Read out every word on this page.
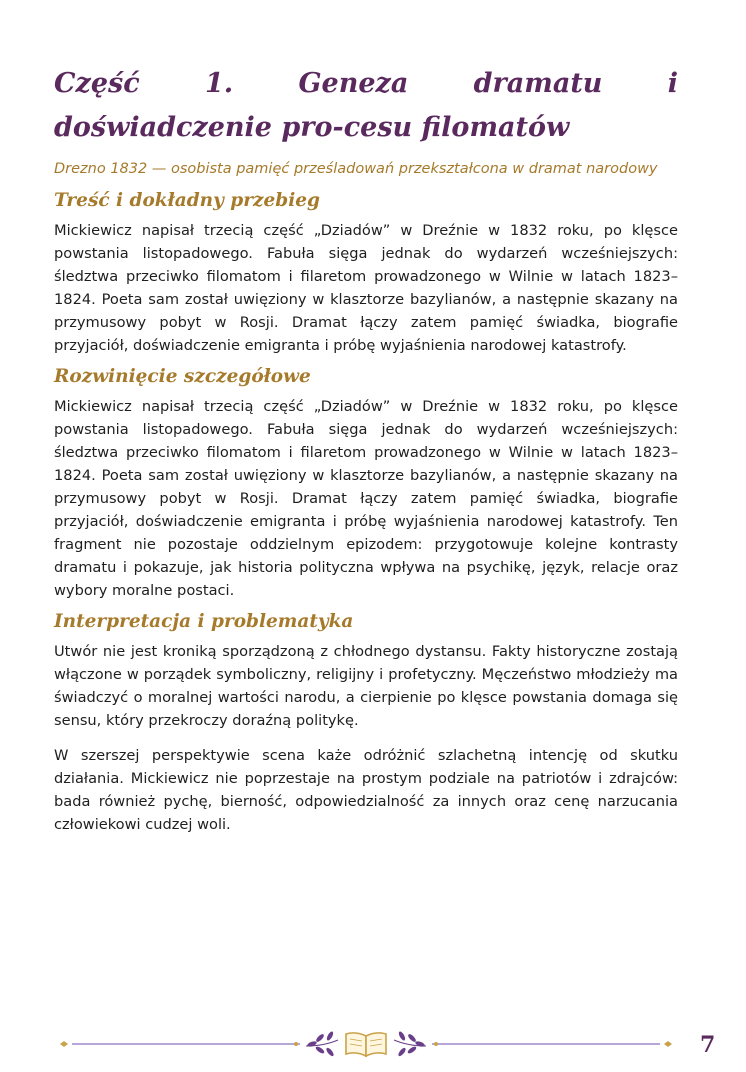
Część 1. Geneza dramatu i doświadczenie pro-cesu filomatów

Drezno 1832 — osobista pamięć prześladowań przekształcona w dramat narodowy

Treść i dokładny przebieg

Mickiewicz napisał trzecią część „Dziadów” w Dreźnie w 1832 roku, po klęsce powstania listopadowego. Fabuła sięga jednak do wydarzeń wcześniejszych: śledztwa przeciwko filomatom i filaretom prowadzonego w Wilnie w latach 1823–1824. Poeta sam został uwięziony w klasztorze bazylianów, a następnie skazany na przymusowy pobyt w Rosji. Dramat łączy zatem pamięć świadka, biografie przyjaciół, doświadczenie emigranta i próbę wyjaśnienia narodowej katastrofy.

Rozwinięcie szczegółowe

Mickiewicz napisał trzecią część „Dziadów” w Dreźnie w 1832 roku, po klęsce powstania listopadowego. Fabuła sięga jednak do wydarzeń wcześniejszych: śledztwa przeciwko filomatom i filaretom prowadzonego w Wilnie w latach 1823–1824. Poeta sam został uwięziony w klasztorze bazylianów, a następnie skazany na przymusowy pobyt w Rosji. Dramat łączy zatem pamięć świadka, biografie przyjaciół, doświadczenie emigranta i próbę wyjaśnienia narodowej katastrofy. Ten fragment nie pozostaje oddzielnym epizodem: przygotowuje kolejne kontrasty dramatu i pokazuje, jak historia polityczna wpływa na psychikę, język, relacje oraz wybory moralne postaci.

Interpretacja i problematyka

Utwór nie jest kroniką sporządzoną z chłodnego dystansu. Fakty historyczne zostają włączone w porządek symboliczny, religijny i profetyczny. Męczeństwo młodzieży ma świadczyć o moralnej wartości narodu, a cierpienie po klęsce powstania domaga się sensu, który przekroczy doraźną politykę.

W szerszej perspektywie scena każe odróżnić szlachetną intencję od skutku działania. Mickiewicz nie poprzestaje na prostym podziale na patriotów i zdrajców: bada również pychę, bierność, odpowiedzialność za innych oraz cenę narzucania człowiekowi cudzej woli.

7
